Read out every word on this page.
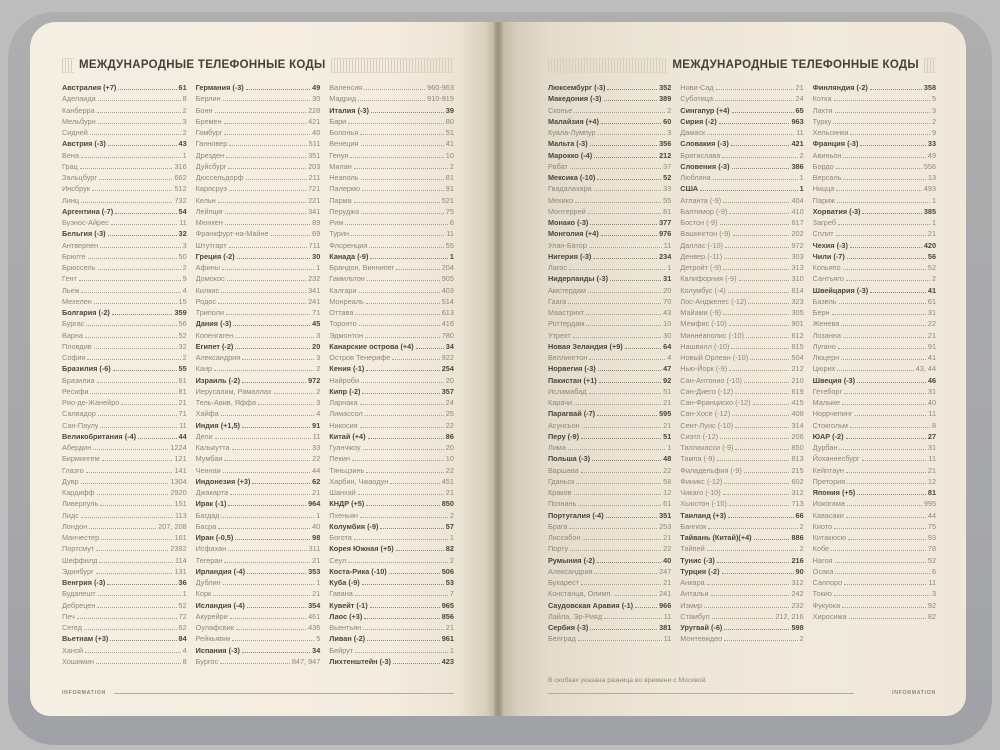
МЕЖДУНАРОДНЫЕ ТЕЛЕФОННЫЕ КОДЫ
Австралия (+7)	61
Аделаида	8
Канберра	2
Мельбурн	3
Сидней	2
Австрия (-3)	43
Вена	1
Грац	316
Зальцбург	662
Инсбрук	512
Линц	732
Аргентина (-7)	54
Буэнос-Айрес	11
Бельгия (-3)	32
Антверпен	3
Брюгге	50
Брюссель	2
Гент	9
Льеж	4
Мехелен	15
Болгария (-2)	359
Бургас	56
Варна	52
Пловдив	32
София	2
Бразилия (-6)	55
Бразилиа	61
Ресифи	81
Рио-де-Жанейро	21
Салвадор	71
Сан-Паулу	11
Великобритания (-4)	44
Абердин	1224
Бирмингем	121
Глазго	141
Дувр	1304
Кардифф	2920
Ливерпуль	151
Лидс	113
Лондон	207, 208
Манчестер	161
Портсмут	2392
Шеффилд	114
Эдинбург	131
Венгрия (-3)	36
Будапешт	1
Дебрецен	52
Печ	72
Сегед	62
Вьетнам (+3)	84
Ханой	4
Хошимин	8
Германия (-3)	49
Берлин	30
Бонн	228
Бремен	421
Гамбург	40
Ганновер	511
Дрезден	351
Дуйсбург	203
Дюссельдорф	211
Карлсруэ	721
Кельн	221
Лейпциг	341
Мюнхен	89
Франкфурт-на-Майне	69
Штутгарт	711
Греция (-2)	30
Афины	1
Домокос	232
Килкис	341
Родос	241
Триполи	71
Дания (-3)	45
Копенгаген	3
Египет (-2)	20
Александрия	3
Каир	2
Израиль (-2)	972
Иерусалим, Рамаллах	2
Тель-Авив, Яффа	3
Хайфа	4
Индия (+1,5)	91
Дели	11
Калькутта	33
Мумбаи	22
Ченнаи	44
Индонезия (+3)	62
Джакарта	21
Ирак (-1)	964
Багдад	1
Басра	40
Иран (-0,5)	98
Исфахан	311
Тегеран	21
Ирландия (-4)	353
Дублин	1
Корк	21
Исландия (-4)	354
Акурейри	461
Оулафсвик	436
Рейкьявик	5
Испания (-3)	34
Бургос	847, 947
Валенсия	960-963
Мадрид	910-919
Италия (-3)	39
Бари	80
Болонья	51
Венеция	41
Генуя	10
Милан	2
Неаполь	81
Палермо	91
Парма	521
Перуджа	75
Рим	6
Турин	11
Флоренция	55
Канада (-9)	1
Брандон, Виннипег	204
Гамильтон	905
Калгари	403
Монреаль	514
Оттава	613
Торонто	416
Эдмонтон	780
Канарские острова (+4)	34
Остров Тенерифе	922
Кения (-1)	254
Найроби	20
Кипр (-2)	357
Ларнака	24
Лимассол	25
Никосия	22
Китай (+4)	86
Гуанчжоу	20
Пекин	10
Тяньцзинь	22
Харбин, Чжаодун	451
Шанхай	21
КНДР (+5)	850
Пхеньян	2
Колумбия (-9)	57
Богота	1
Корея Южная (+5)	82
Сеул	2
Коста-Рика (-10)	506
Куба (-9)	53
Гавана	7
Кувейт (-1)	965
Лаос (+3)	856
Вьентьян	21
Ливан (-2)	961
Бейрут	1
Лихтенштейн (-3)	423
INFORMATION
МЕЖДУНАРОДНЫЕ ТЕЛЕФОННЫЕ КОДЫ
Люксембург (-3)	352
Македония (-3)	389
Скопье	2
Малайзия (+4)	60
Куала-Лумпур	3
Мальта (-3)	356
Марокко (-4)	212
Рабат	37
Мексика (-10)	52
Гвадалахара	33
Мехико	55
Монтеррей	81
Монако (-3)	377
Монголия (+4)	976
Улан-Батор	11
Нигерия (-3)	234
Лагос	1
Нидерланды (-3)	31
Амстердам	20
Гаага	70
Маастрихт	43
Роттердам	10
Утрехт	30
Новая Зеландия (+9)	64
Веллингтон	4
Норвегия (-3)	47
Пакистан (+1)	92
Исламабад	51
Карачи	21
Парагвай (-7)	595
Асунсьон	21
Перу (-9)	51
Лима	1
Польша (-3)	48
Варшава	22
Гданьск	58
Краков	12
Познань	61
Португалия (-4)	351
Брага	253
Лиссабон	21
Порту	22
Румыния (-2)	40
Александрия	247
Бухарест	21
Констанца, Олимп.	241
Саудовская Аравия (-1)	966
Лайла, Эр-Рияд	11
Сербия (-3)	381
Белград	11
Нови-Сад	21
Суботица	24
Сингапур (+4)	65
Сирия (-2)	963
Дамаск	11
Словакия (-3)	421
Братислава	2
Словения (-3)	386
Любляна	1
США	1
Атланта (-9)	404
Балтимор (-9)	410
Бостон (-9)	617
Вашингтон (-9)	202
Даллас (-10)	972
Денвер (-11)	303
Детройт (-9)	313
Калифорния (-9)	310
Колумбус (-4)	614
Лос-Анджелес (-12)	323
Майами (-9)	305
Мемфис (-10)	901
Миннеаполис (-10)	612
Нашвилл (-10)	615
Новый Орлеан (-10)	504
Нью-Йорк (-9)	212
Сан-Антонио (-10)	210
Сан-Диего (-12)	619
Сан-Франциско (-12)	415
Сан-Хосе (-12)	408
Сент-Луис (-10)	314
Сиэтл (-12)	206
Таллахасси (-9)	850
Тампа (-9)	813
Филадельфия (-9)	215
Финикс (-12)	602
Чикаго (-10)	312
Хьюстон (-10)	713
Таиланд (+3)	66
Бангкок	2
Тайвань (Китай)(+4)	886
Тайпей	2
Тунис (-3)	216
Турция (-2)	90
Анкара	312
Анталья	242
Измир	232
Стамбул	212, 216
Уругвай (-6)	598
Монтевидео	2
Финляндия (-2)	358
Котка	5
Лахти	3
Турку	2
Хельсинки	9
Франция (-3)	33
Авиньон	49
Бордо	556
Версаль	13
Ницца	493
Париж	1
Хорватия (-3)	385
Загреб	1
Сплит	21
Чехия (-3)	420
Чили (-7)	56
Копьяпо	52
Сантьяго	2
Швейцария (-3)	41
Базель	61
Берн	31
Женева	22
Лозанна	21
Лугано	91
Люцерн	41
Цюрих	43, 44
Швеция (-3)	46
Гетеборг	31
Мальме	40
Норрчепинг	11
Стокгольм	8
ЮАР (-2)	27
Дурбан	31
Йоханнесбург	11
Кейптаун	21
Претория	12
Япония (+5)	81
Иокогама	995
Кавасаки	44
Киото	75
Китакюсю	93
Кобе	78
Нагоя	52
Осака	6
Саппоро	11
Токио	3
Фукуока	92
Хиросима	82
В скобках указана разница во времени с Москвой.
INFORMATION
